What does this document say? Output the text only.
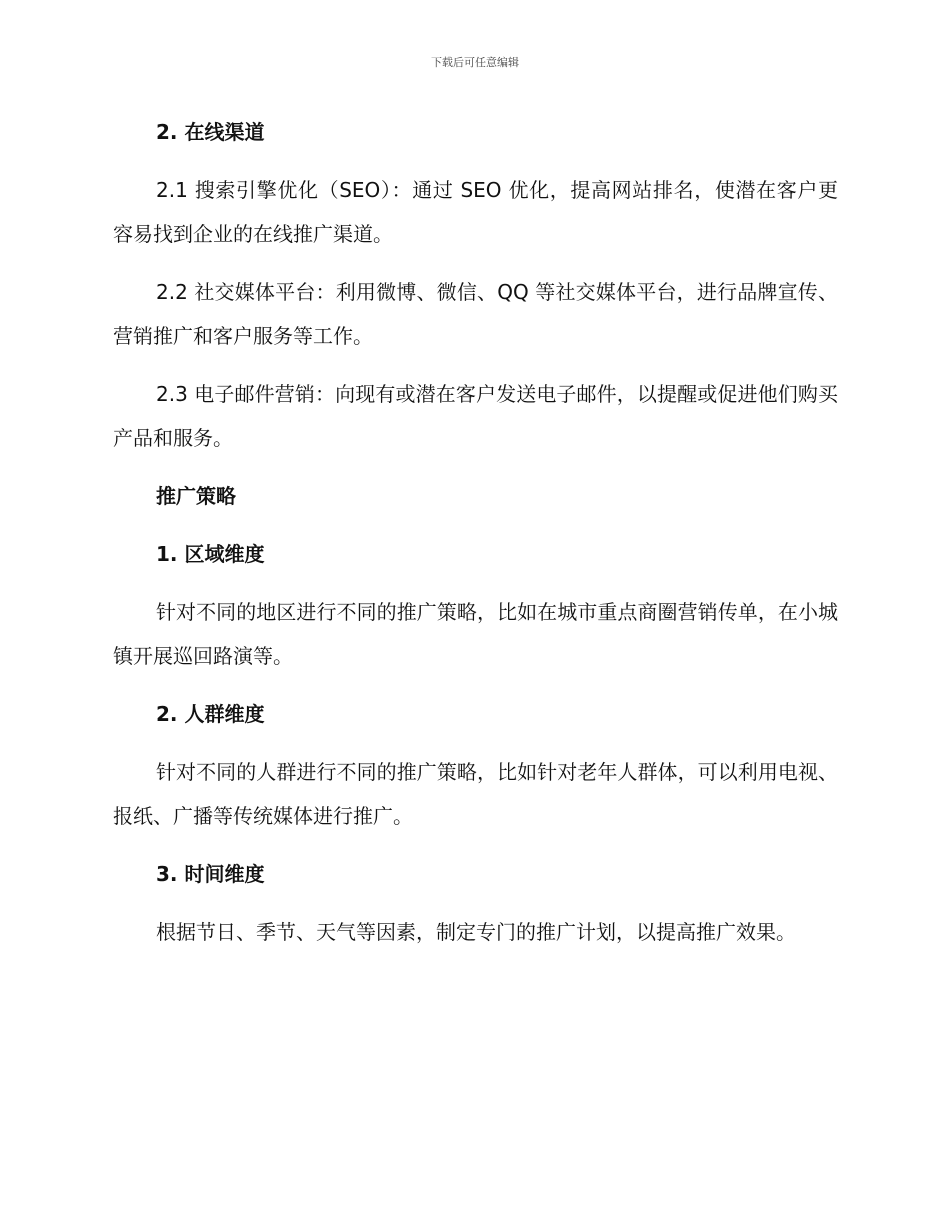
下载后可任意编辑
2. 在线渠道
2.1 搜索引擎优化（SEO）：通过 SEO 优化，提高网站排名，使潜在客户更容易找到企业的在线推广渠道。
2.2 社交媒体平台：利用微博、微信、QQ 等社交媒体平台，进行品牌宣传、营销推广和客户服务等工作。
2.3 电子邮件营销：向现有或潜在客户发送电子邮件，以提醒或促进他们购买产品和服务。
推广策略
1. 区域维度
针对不同的地区进行不同的推广策略，比如在城市重点商圈营销传单，在小城镇开展巡回路演等。
2. 人群维度
针对不同的人群进行不同的推广策略，比如针对老年人群体，可以利用电视、报纸、广播等传统媒体进行推广。
3. 时间维度
根据节日、季节、天气等因素，制定专门的推广计划，以提高推广效果。
